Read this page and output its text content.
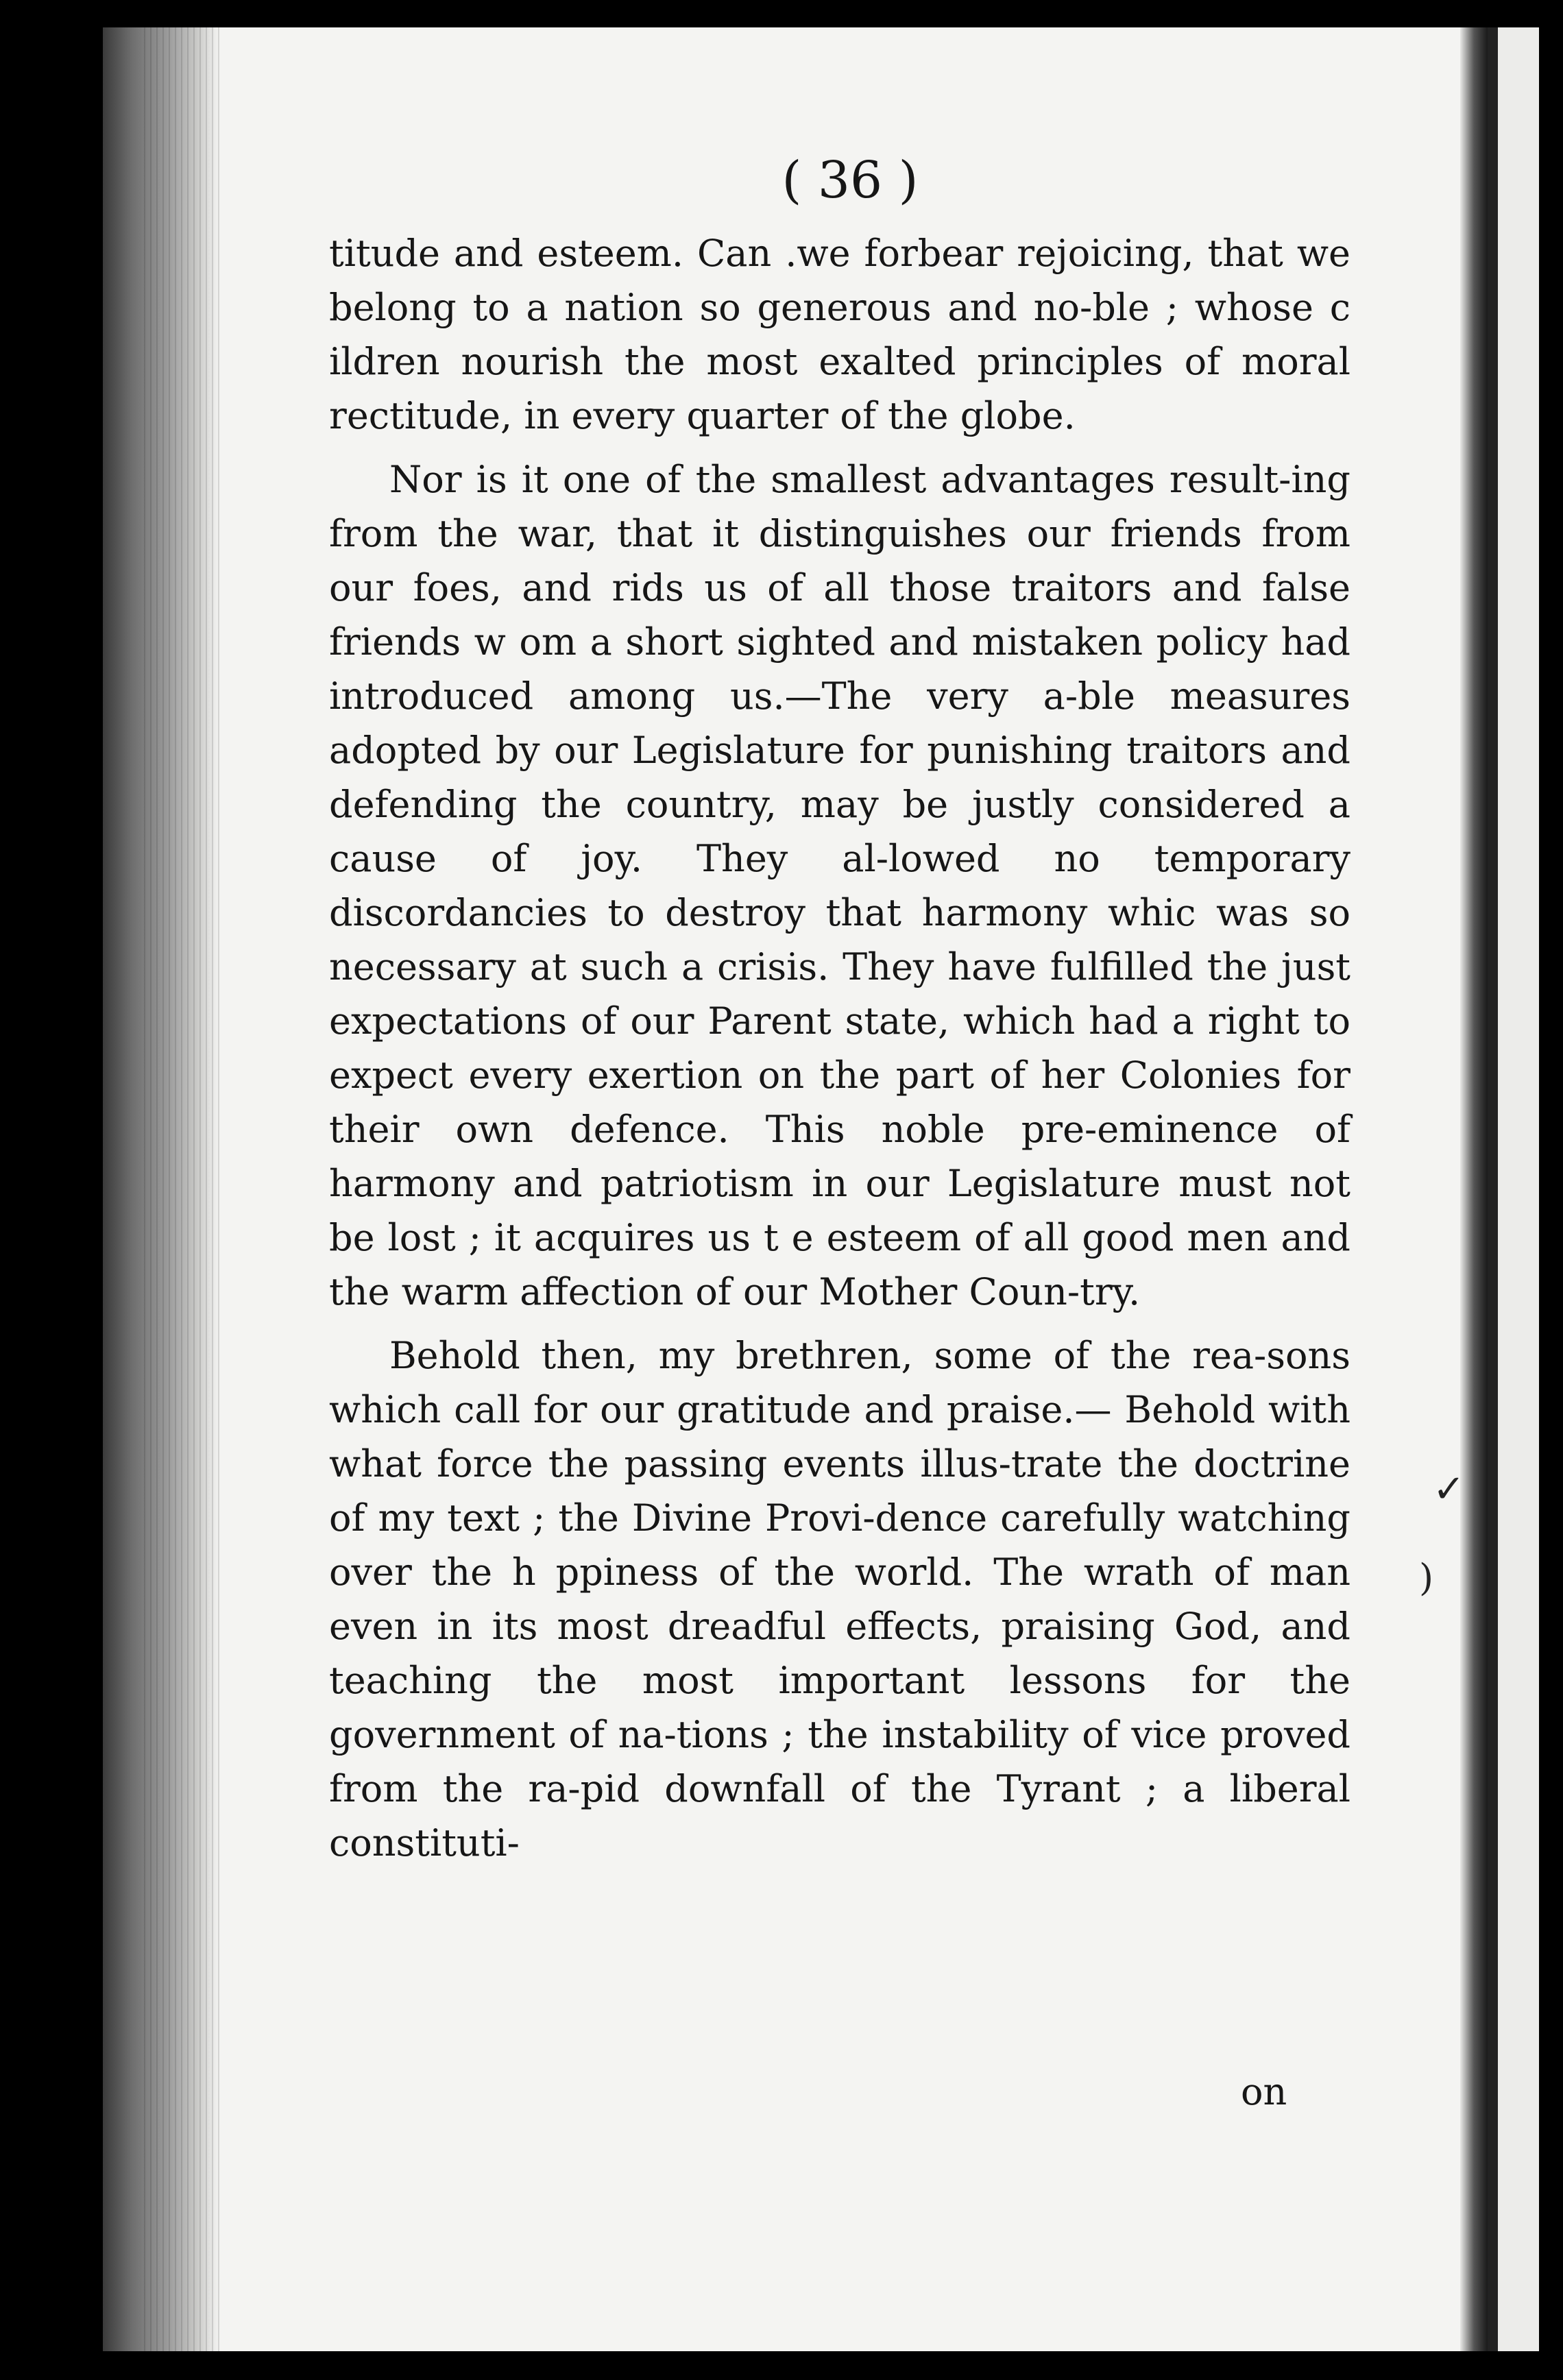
( 36 )

titude and esteem. Can .we forbear rejoicing, that we belong to a nation so generous and no-ble ; whose c ildren nourish the most exalted principles of moral rectitude, in every quarter of the globe.

Nor is it one of the smallest advantages result-ing from the war, that it distinguishes our friends from our foes, and rids us of all those traitors and false friends w om a short sighted and mistaken policy had introduced among us.—The very a-ble measures adopted by our Legislature for punishing traitors and defending the country, may be justly considered a cause of joy. They al-lowed no temporary discordancies to destroy that harmony whic was so necessary at such a crisis. They have fulfilled the just expectations of our Parent state, which had a right to expect every exertion on the part of her Colonies for their own defence. This noble pre-eminence of harmony and patriotism in our Legislature must not be lost ; it acquires us t e esteem of all good men and the warm affection of our Mother Coun-try.

Behold then, my brethren, some of the rea-sons which call for our gratitude and praise.— Behold with what force the passing events illus-trate the doctrine of my text ; the Divine Provi-dence carefully watching over the h ppiness of the world. The wrath of man even in its most dreadful effects, praising God, and teaching the most important lessons for the government of na-tions ; the instability of vice proved from the ra-pid downfall of the Tyrant ; a liberal constituti-

on
✓
)
